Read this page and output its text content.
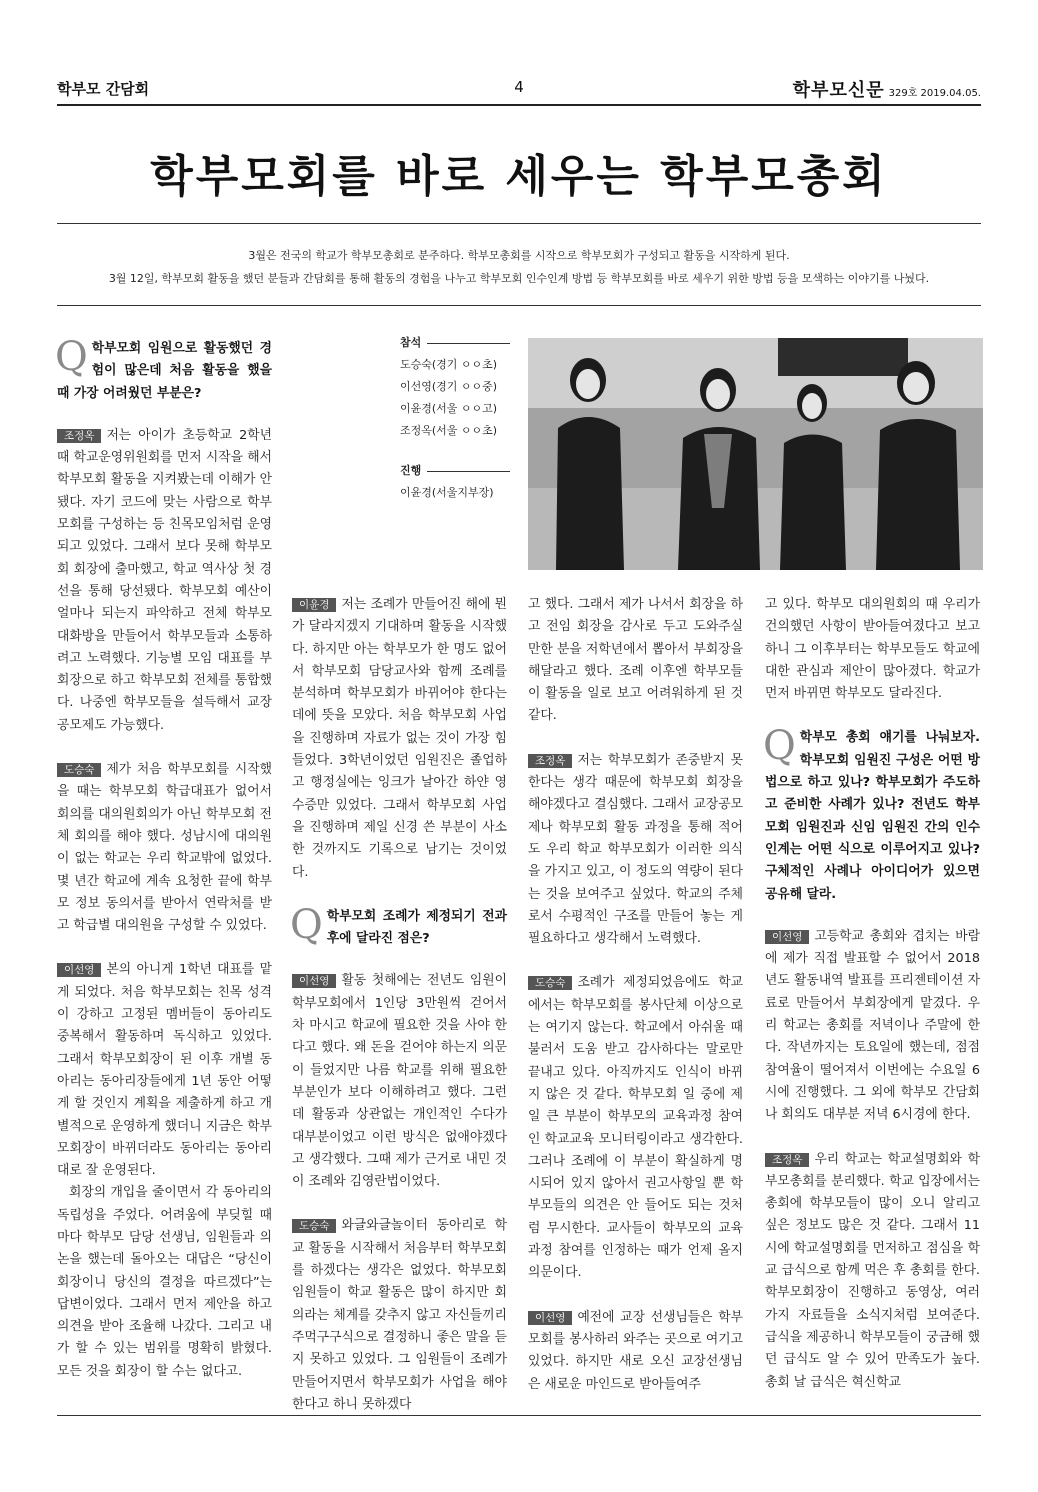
학부모 간담회	4	학부모신문 329호 2019.04.05.
학부모회를 바로 세우는 학부모총회
3월은 전국의 학교가 학부모총회로 분주하다. 학부모총회를 시작으로 학부모회가 구성되고 활동을 시작하게 된다.
3월 12일, 학부모회 활동을 했던 분들과 간담회를 통해 활동의 경험을 나누고 학부모회 인수인계 방법 등 학부모회를 바로 세우기 위한 방법 등을 모색하는 이야기를 나눴다.

Q학부모회 임원으로 활동했던 경험이 많은데 처음 활동을 했을 때 가장 어려웠던 부분은?

조정옥 저는 아이가 초등학교 2학년 때 학교운영위원회를 먼저 시작을 해서 학부모회 활동을 지켜봤는데 이해가 안됐다. 자기 코드에 맞는 사람으로 학부모회를 구성하는 등 친목모임처럼 운영되고 있었다. 그래서 보다 못해 학부모회 회장에 출마했고, 학교 역사상 첫 경선을 통해 당선됐다. 학부모회 예산이 얼마나 되는지 파악하고 전체 학부모 대화방을 만들어서 학부모들과 소통하려고 노력했다. 기능별 모임 대표를 부회장으로 하고 학부모회 전체를 통합했다. 나중엔 학부모들을 설득해서 교장 공모제도 가능했다.

도승숙 제가 처음 학부모회를 시작했을 때는 학부모회 학급대표가 없어서 회의를 대의원회의가 아닌 학부모회 전체 회의를 해야 했다. 성남시에 대의원이 없는 학교는 우리 학교밖에 없었다. 몇 년간 학교에 계속 요청한 끝에 학부모 정보 동의서를 받아서 연락처를 받고 학급별 대의원을 구성할 수 있었다.

이선영 본의 아니게 1학년 대표를 맡게 되었다. 처음 학부모회는 친목 성격이 강하고 고정된 멤버들이 동아리도 중복해서 활동하며 독식하고 있었다. 그래서 학부모회장이 된 이후 개별 동아리는 동아리장들에게 1년 동안 어떻게 할 것인지 계획을 제출하게 하고 개별적으로 운영하게 했더니 지금은 학부모회장이 바뀌더라도 동아리는 동아리대로 잘 운영된다.

회장의 개입을 줄이면서 각 동아리의 독립성을 주었다. 어려움에 부딪힐 때마다 학부모 담당 선생님, 임원들과 의논을 했는데 돌아오는 대답은 “당신이 회장이니 당신의 결정을 따르겠다”는 답변이었다. 그래서 먼저 제안을 하고 의견을 받아 조율해 나갔다. 그리고 내가 할 수 있는 범위를 명확히 밝혔다. 모든 것을 회장이 할 수는 없다고.

참석
도승숙(경기 ㅇㅇ초)
이선영(경기 ㅇㅇ중)
이윤경(서울 ㅇㅇ고)
조정옥(서울 ㅇㅇ초)
진행
이윤경(서울지부장)

이윤경 저는 조례가 만들어진 해에 뭔가 달라지겠지 기대하며 활동을 시작했다. 하지만 아는 학부모가 한 명도 없어서 학부모회 담당교사와 함께 조례를 분석하며 학부모회가 바뀌어야 한다는 데에 뜻을 모았다. 처음 학부모회 사업을 진행하며 자료가 없는 것이 가장 힘들었다. 3학년이었던 임원진은 졸업하고 행정실에는 잉크가 날아간 하얀 영수증만 있었다. 그래서 학부모회 사업을 진행하며 제일 신경 쓴 부분이 사소한 것까지도 기록으로 남기는 것이었다.

Q학부모회 조례가 제정되기 전과 후에 달라진 점은?

이선영 활동 첫해에는 전년도 임원이 학부모회에서 1인당 3만원씩 걷어서 차 마시고 학교에 필요한 것을 사야 한다고 했다. 왜 돈을 걷어야 하는지 의문이 들었지만 나름 학교를 위해 필요한 부분인가 보다 이해하려고 했다. 그런데 활동과 상관없는 개인적인 수다가 대부분이었고 이런 방식은 없애야겠다고 생각했다. 그때 제가 근거로 내민 것이 조례와 김영란법이었다.

도승숙 와글와글놀이터 동아리로 학교 활동을 시작해서 처음부터 학부모회를 하겠다는 생각은 없었다. 학부모회 임원들이 학교 활동은 많이 하지만 회의라는 체계를 갖추지 않고 자신들끼리 주먹구구식으로 결정하니 좋은 말을 듣지 못하고 있었다. 그 임원들이 조례가 만들어지면서 학부모회가 사업을 해야 한다고 하니 못하겠다

고 했다. 그래서 제가 나서서 회장을 하고 전임 회장을 감사로 두고 도와주실만한 분을 저학년에서 뽑아서 부회장을 해달라고 했다. 조례 이후엔 학부모들이 활동을 일로 보고 어려워하게 된 것 같다.

조정옥 저는 학부모회가 존중받지 못한다는 생각 때문에 학부모회 회장을 해야겠다고 결심했다. 그래서 교장공모제나 학부모회 활동 과정을 통해 적어도 우리 학교 학부모회가 이러한 의식을 가지고 있고, 이 정도의 역량이 된다는 것을 보여주고 싶었다. 학교의 주체로서 수평적인 구조를 만들어 놓는 게 필요하다고 생각해서 노력했다.

도승숙 조례가 제정되었음에도 학교에서는 학부모회를 봉사단체 이상으로는 여기지 않는다. 학교에서 아쉬울 때 불러서 도움 받고 감사하다는 말로만 끝내고 있다. 아직까지도 인식이 바뀌지 않은 것 같다. 학부모회 일 중에 제일 큰 부분이 학부모의 교육과정 참여인 학교교육 모니터링이라고 생각한다. 그러나 조례에 이 부분이 확실하게 명시되어 있지 않아서 권고사항일 뿐 학부모들의 의견은 안 들어도 되는 것처럼 무시한다. 교사들이 학부모의 교육과정 참여를 인정하는 때가 언제 올지 의문이다.

이선영 예전에 교장 선생님들은 학부모회를 봉사하러 와주는 곳으로 여기고 있었다. 하지만 새로 오신 교장선생님은 새로운 마인드로 받아들여주

고 있다. 학부모 대의원회의 때 우리가 건의했던 사항이 받아들여졌다고 보고하니 그 이후부터는 학부모들도 학교에 대한 관심과 제안이 많아졌다. 학교가 먼저 바뀌면 학부모도 달라진다.

Q학부모 총회 얘기를 나눠보자. 학부모회 임원진 구성은 어떤 방법으로 하고 있나? 학부모회가 주도하고 준비한 사례가 있나? 전년도 학부모회 임원진과 신임 임원진 간의 인수인계는 어떤 식으로 이루어지고 있나? 구체적인 사례나 아이디어가 있으면 공유해 달라.

이선영 고등학교 총회와 겹치는 바람에 제가 직접 발표할 수 없어서 2018년도 활동내역 발표를 프리젠테이션 자료로 만들어서 부회장에게 맡겼다. 우리 학교는 총회를 저녁이나 주말에 한다. 작년까지는 토요일에 했는데, 점점 참여율이 떨어져서 이번에는 수요일 6시에 진행했다. 그 외에 학부모 간담회나 회의도 대부분 저녁 6시경에 한다.

조정옥 우리 학교는 학교설명회와 학부모총회를 분리했다. 학교 입장에서는 총회에 학부모들이 많이 오니 알리고 싶은 정보도 많은 것 같다. 그래서 11시에 학교설명회를 먼저하고 점심을 학교 급식으로 함께 먹은 후 총회를 한다. 학부모회장이 진행하고 동영상, 여러 가지 자료들을 소식지처럼 보여준다. 급식을 제공하니 학부모들이 궁금해 했던 급식도 알 수 있어 만족도가 높다. 총회 날 급식은 혁신학교
